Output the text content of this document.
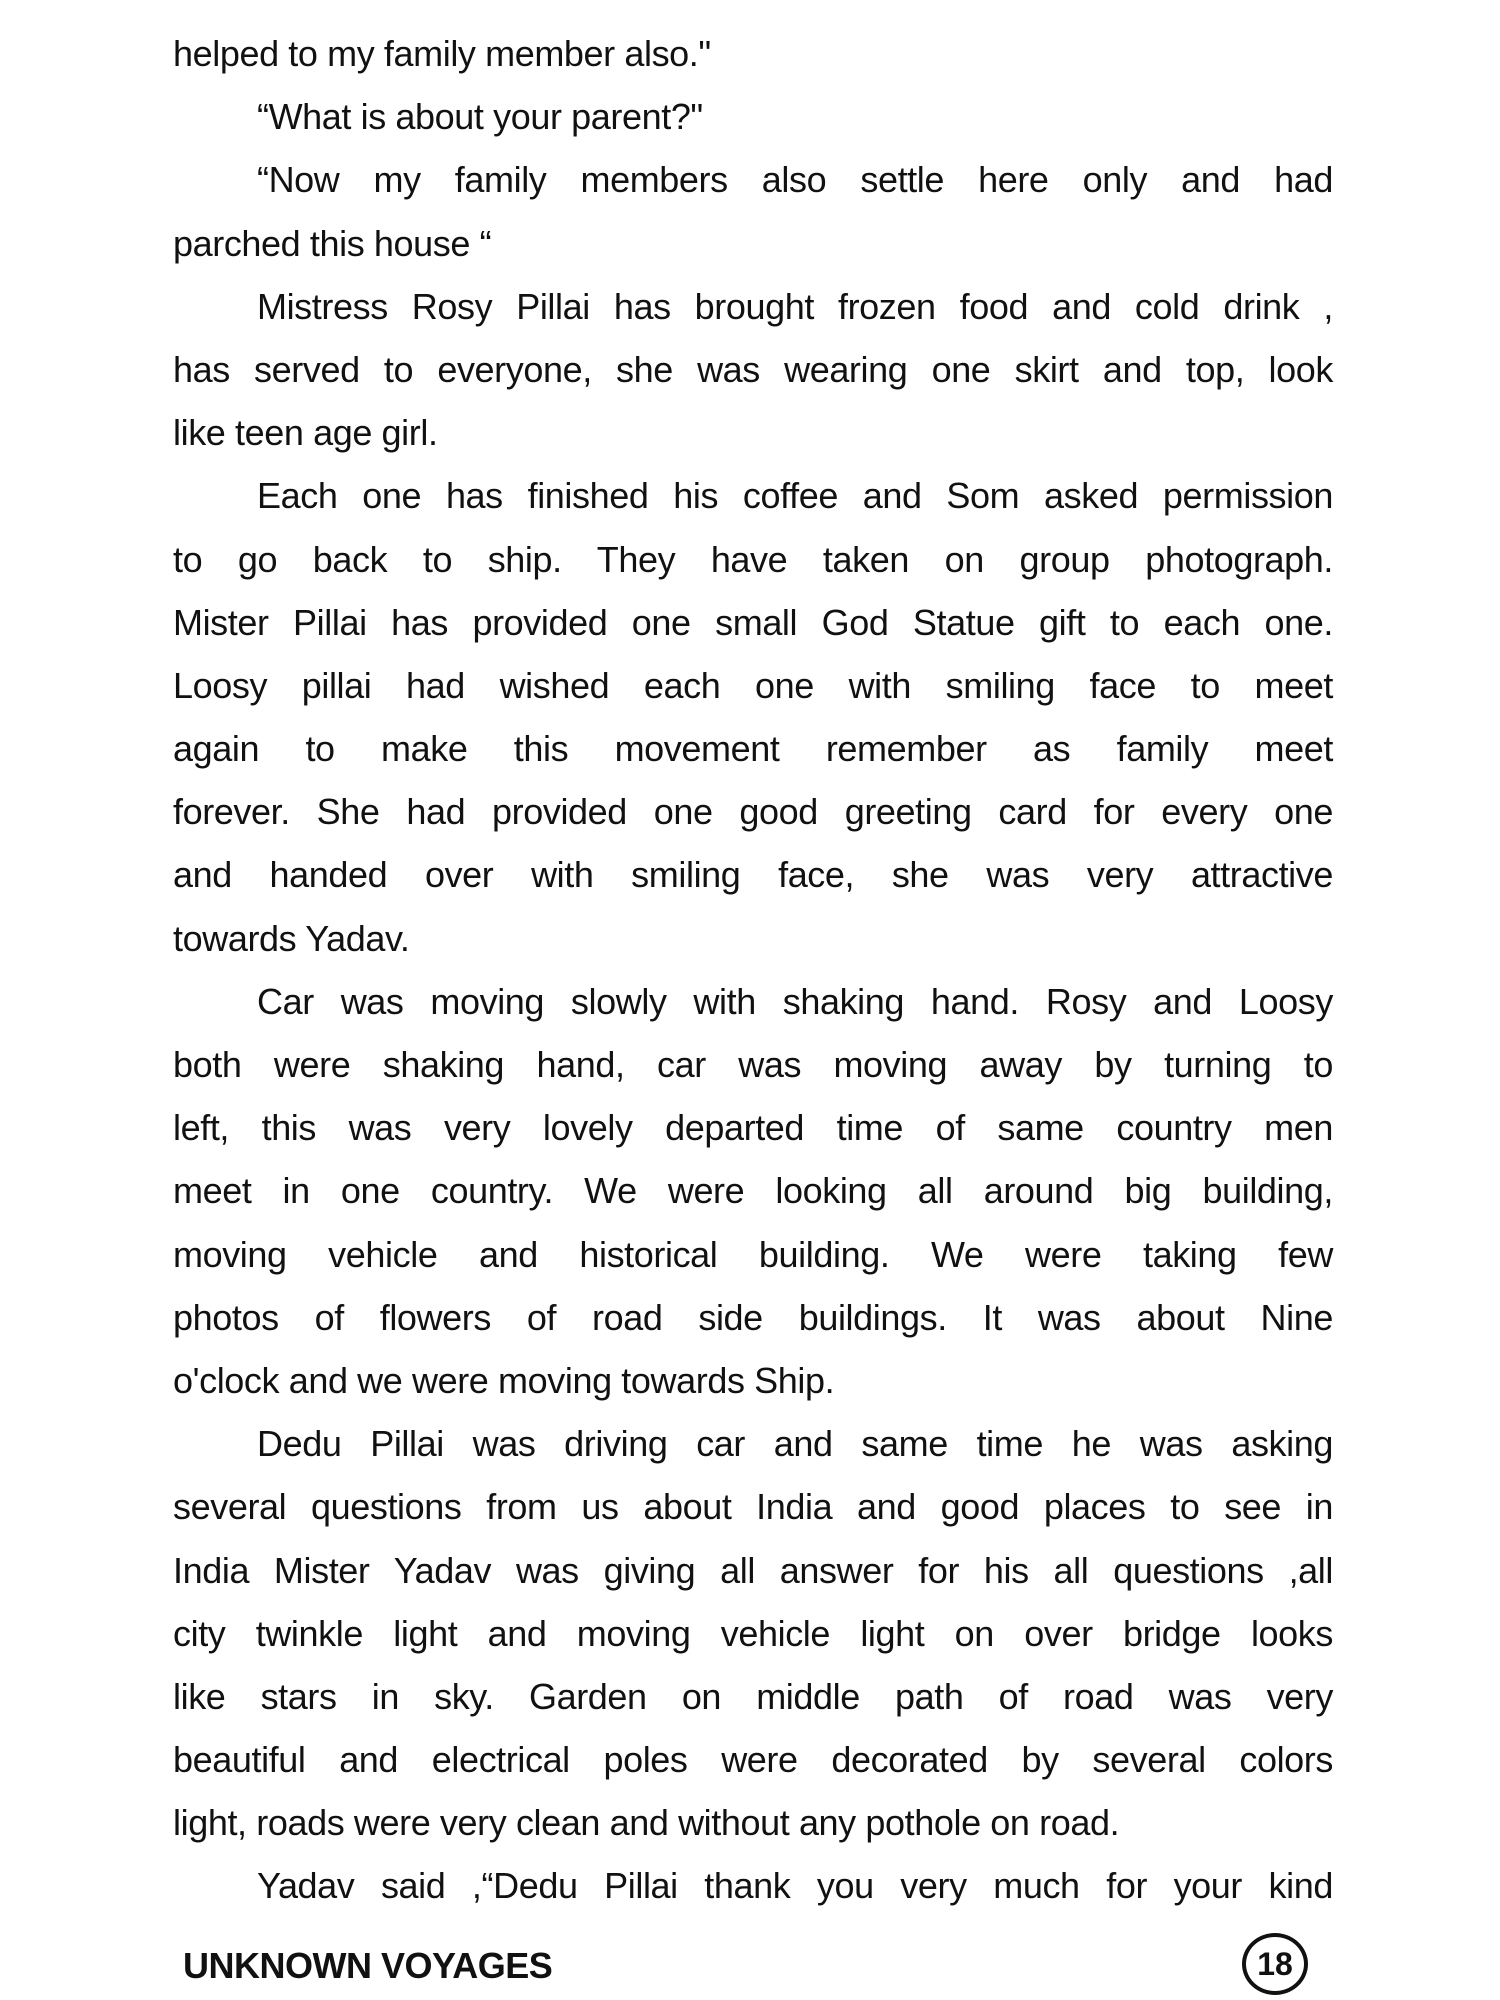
helped to my family member also."
“What is about your parent?"
“Now my family members also settle here only and had
parched this house “
Mistress Rosy Pillai has brought frozen food and cold drink ,
has served to everyone, she was wearing one skirt and top, look
like teen age girl.
Each one has finished his coffee and Som asked permission
to go back to ship. They have taken on group photograph.
Mister Pillai has provided one small God Statue gift to each one.
Loosy pillai had wished each one with smiling face to meet
again to make this movement remember as family meet
forever. She had provided one good greeting card for every one
and handed over with smiling face, she was very attractive
towards Yadav.
Car was moving slowly with shaking hand. Rosy and Loosy
both were shaking hand, car was moving away by turning to
left, this was very lovely departed time of same country men
meet in one country. We were looking all around big building,
moving vehicle and historical building. We were taking few
photos of flowers of road side buildings. It was about Nine
o'clock and we were moving towards Ship.
Dedu Pillai was driving car and same time he was asking
several questions from us about India and good places to see in
India Mister Yadav was giving all answer for his all questions ,all
city twinkle light and moving vehicle light on over bridge looks
like stars in sky. Garden on middle path of road was very
beautiful and electrical poles were decorated by several colors
light, roads were very clean and without any pothole on road.
Yadav said ,“Dedu Pillai thank you very much for your kind
UNKNOWN VOYAGES	18
